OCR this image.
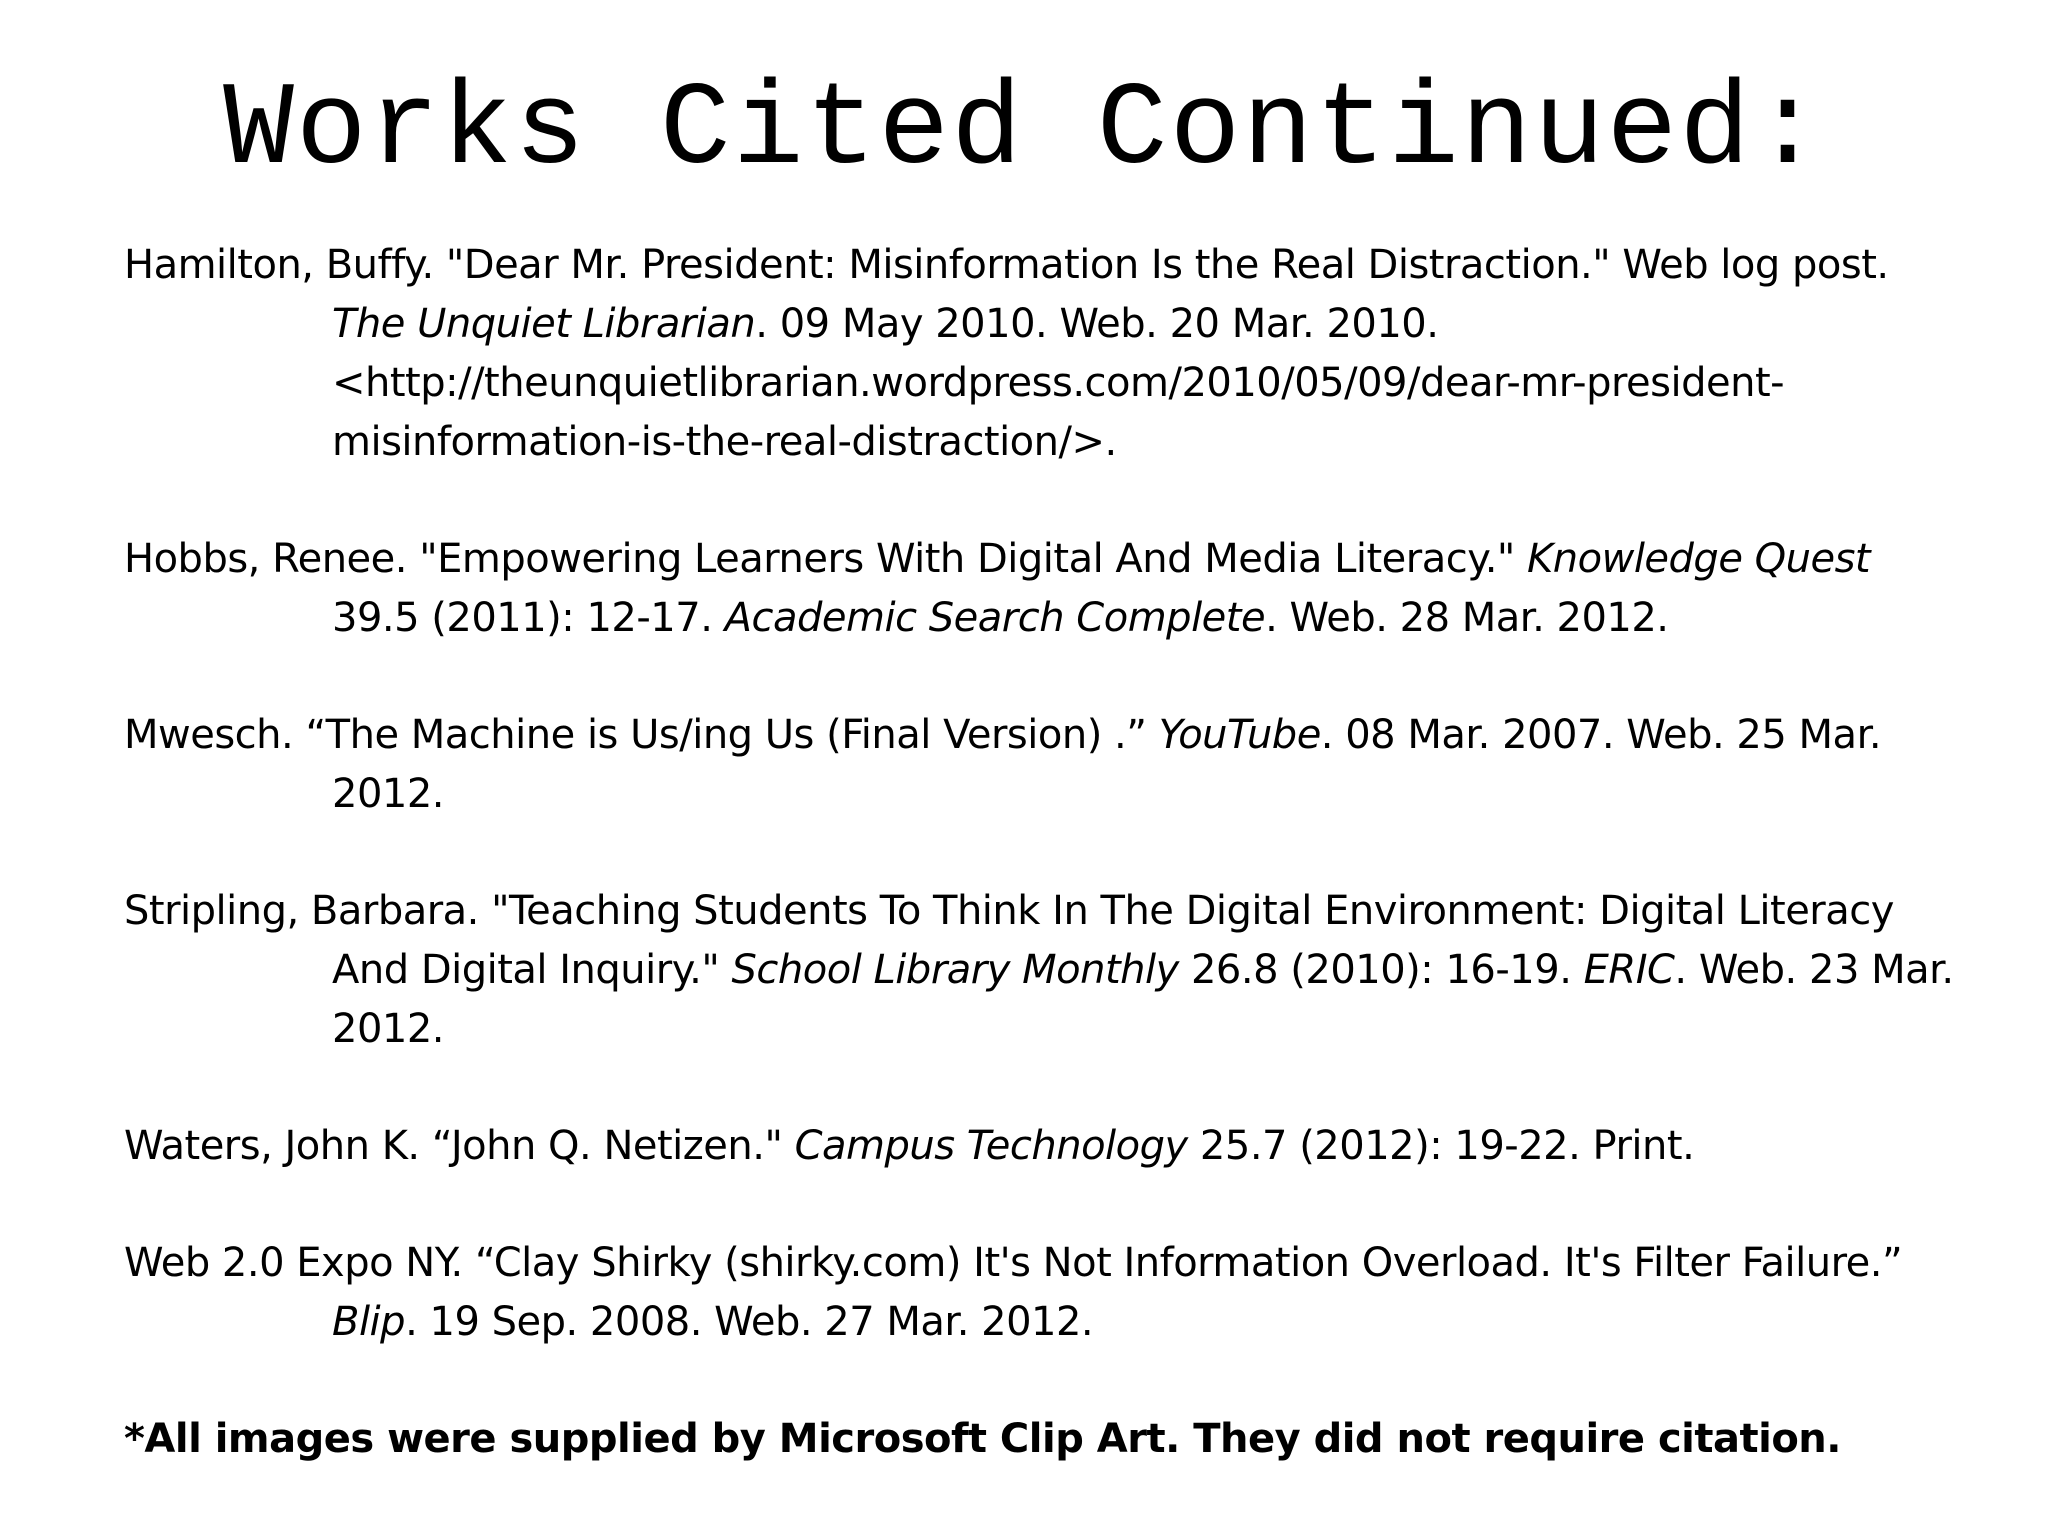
Works Cited Continued:

Hamilton, Buffy. "Dear Mr. President: Misinformation Is the Real Distraction." Web log post. The Unquiet Librarian. 09 May 2010. Web. 20 Mar. 2010. <http://theunquietlibrarian.wordpress.com/2010/05/09/dear-mr-president-misinformation-is-the-real-distraction/>.

Hobbs, Renee. "Empowering Learners With Digital And Media Literacy." Knowledge Quest 39.5 (2011): 12-17. Academic Search Complete. Web. 28 Mar. 2012.

Mwesch. “The Machine is Us/ing Us (Final Version) .” YouTube. 08 Mar. 2007. Web. 25 Mar. 2012.

Stripling, Barbara. "Teaching Students To Think In The Digital Environment: Digital Literacy And Digital Inquiry." School Library Monthly 26.8 (2010): 16-19. ERIC. Web. 23 Mar. 2012.

Waters, John K. “John Q. Netizen." Campus Technology 25.7 (2012): 19-22. Print.

Web 2.0 Expo NY. “Clay Shirky (shirky.com) It's Not Information Overload. It's Filter Failure.” Blip. 19 Sep. 2008. Web. 27 Mar. 2012.

*All images were supplied by Microsoft Clip Art. They did not require citation.
